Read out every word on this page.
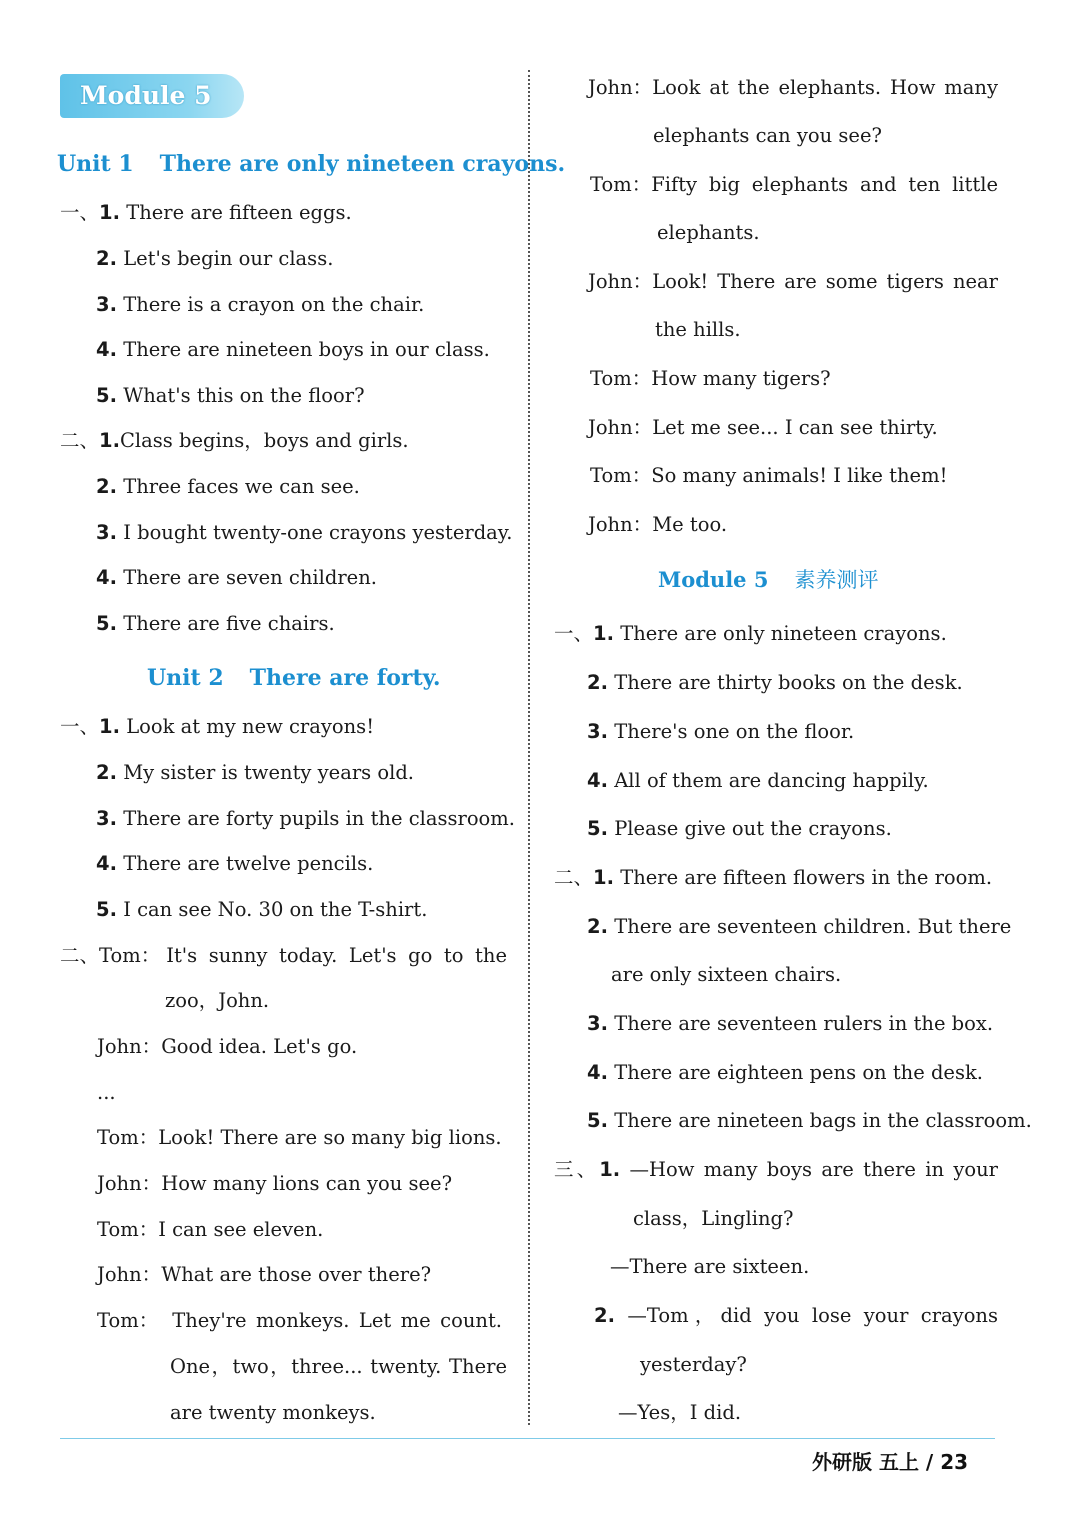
Module 5
Unit 1 There are only nineteen crayons.
一、1. There are fifteen eggs.
2. Let's begin our class.
3. There is a crayon on the chair.
4. There are nineteen boys in our class.
5. What's this on the floor?
二、1.Class begins，boys and girls.
2. Three faces we can see.
3. I bought twenty-one crayons yesterday.
4. There are seven children.
5. There are five chairs.
Unit 2 There are forty.
一、1. Look at my new crayons!
2. My sister is twenty years old.
3. There are forty pupils in the classroom.
4. There are twelve pencils.
5. I can see No. 30 on the T-shirt.
二、Tom： It's sunny today. Let's go to the
zoo，John.
John：Good idea. Let's go.
...
Tom：Look! There are so many big lions.
John：How many lions can you see?
Tom：I can see eleven.
John：What are those over there?
Tom： They're monkeys. Let me count.
One，two，three... twenty. There
are twenty monkeys.
John： Look at the elephants. How many
elephants can you see?
Tom： Fifty big elephants and ten little
elephants.
John： Look! There are some tigers near
the hills.
Tom：How many tigers?
John：Let me see... I can see thirty.
Tom：So many animals! I like them!
John：Me too.
Module 5 素养测评
一、1. There are only nineteen crayons.
2. There are thirty books on the desk.
3. There's one on the floor.
4. All of them are dancing happily.
5. Please give out the crayons.
二、1. There are fifteen flowers in the room.
2. There are seventeen children. But there
are only sixteen chairs.
3. There are seventeen rulers in the box.
4. There are eighteen pens on the desk.
5. There are nineteen bags in the classroom.
三、1. —How many boys are there in your
class，Lingling?
—There are sixteen.
2. —Tom，did you lose your crayons
yesterday?
—Yes，I did.
外研版 五上 / 23
